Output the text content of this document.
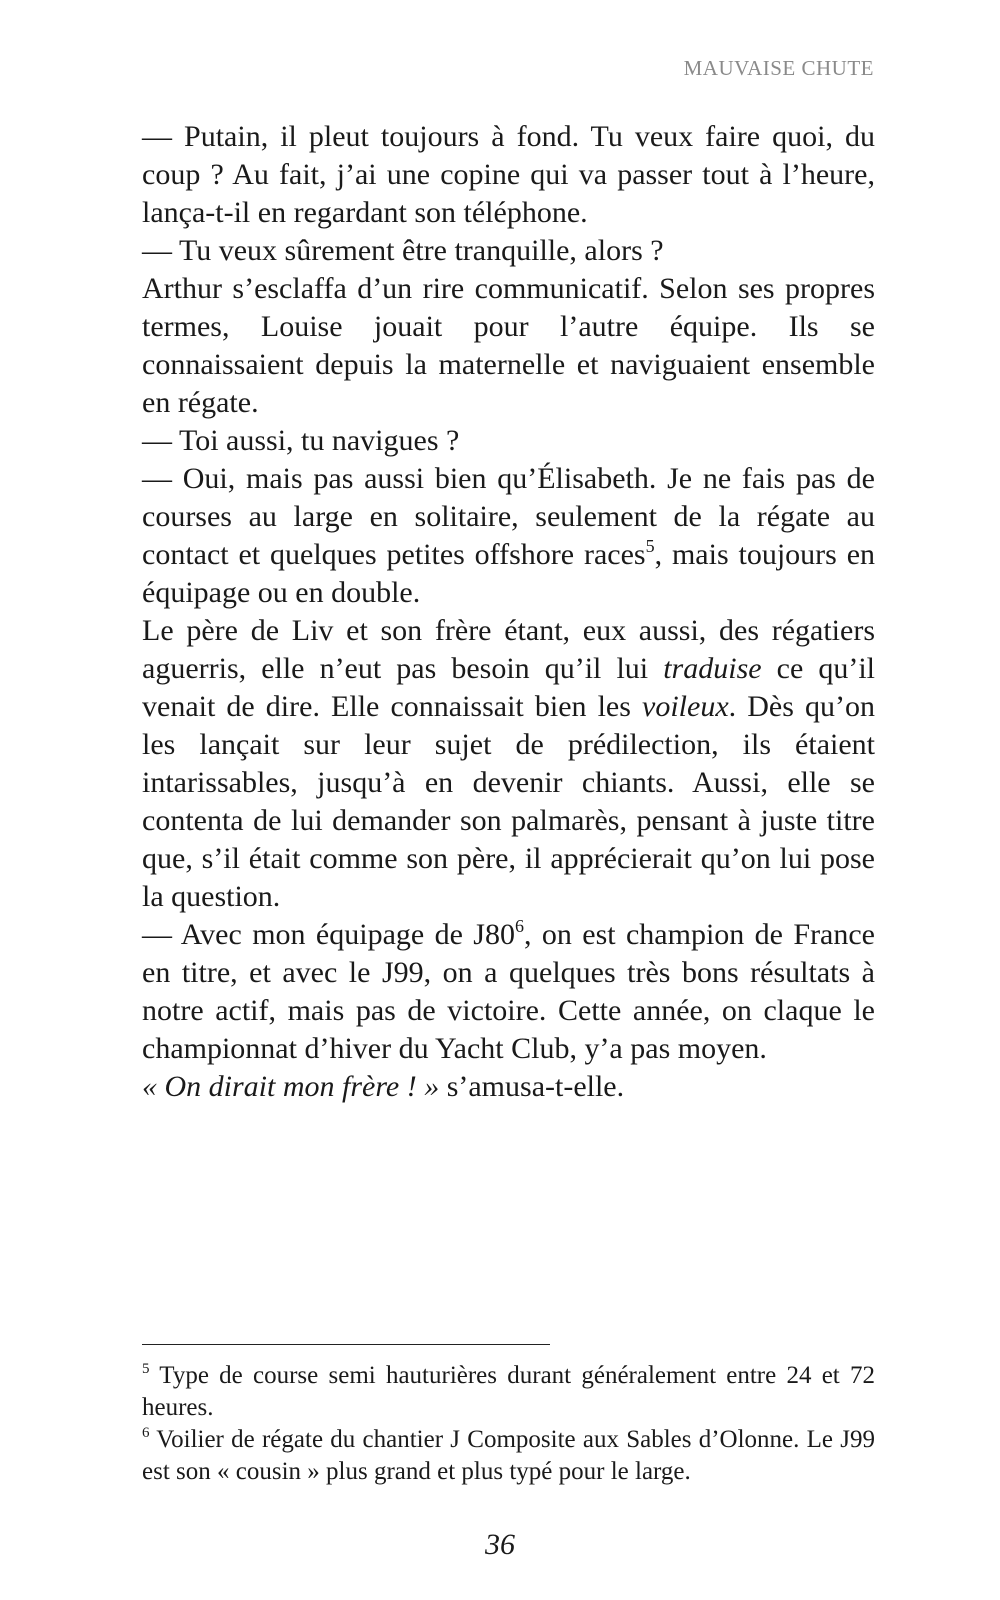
MAUVAISE CHUTE

— Putain, il pleut toujours à fond. Tu veux faire quoi, du coup ? Au fait, j’ai une copine qui va passer tout à l’heure, lança-t-il en regardant son téléphone.

— Tu veux sûrement être tranquille, alors ?

Arthur s’esclaffa d’un rire communicatif. Selon ses propres termes, Louise jouait pour l’autre équipe. Ils se connaissaient depuis la maternelle et naviguaient ensemble en régate.

— Toi aussi, tu navigues ?

— Oui, mais pas aussi bien qu’Élisabeth. Je ne fais pas de courses au large en solitaire, seulement de la régate au contact et quelques petites offshore races$^5$, mais toujours en équipage ou en double.

Le père de Liv et son frère étant, eux aussi, des régatiers aguerris, elle n’eut pas besoin qu’il lui traduise ce qu’il venait de dire. Elle connaissait bien les voileux. Dès qu’on les lançait sur leur sujet de prédilection, ils étaient intarissables, jusqu’à en devenir chiants. Aussi, elle se contenta de lui demander son palmarès, pensant à juste titre que, s’il était comme son père, il apprécierait qu’on lui pose la question.

— Avec mon équipage de $J80^6$, on est champion de France en titre, et avec le J99, on a quelques très bons résultats à notre actif, mais pas de victoire. Cette année, on claque le championnat d’hiver du Yacht Club, y’a pas moyen.

« On dirait mon frère ! » s’amusa-t-elle.

$^5$ Type de course semi hauturières durant généralement entre 24 et 72 heures.

$^6$ Voilier de régate du chantier J Composite aux Sables d’Olonne. Le J99 est son « cousin » plus grand et plus typé pour le large.

36
